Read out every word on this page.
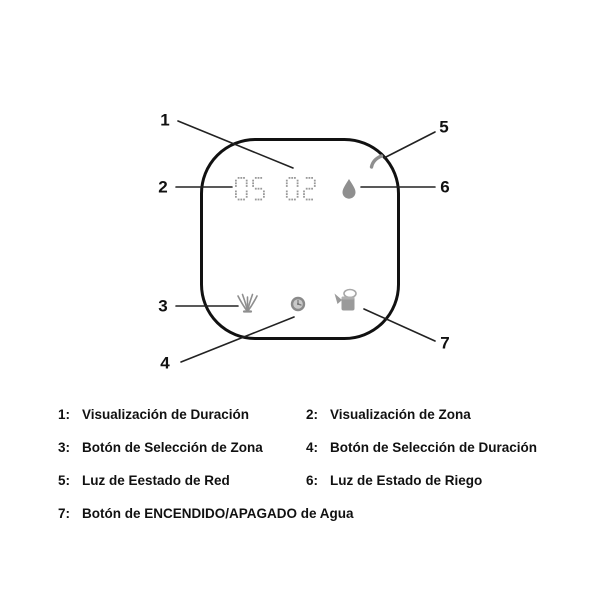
1
2
3
4
5
6
7
1: Visualización de Duración	2: Visualización de Zona
3: Botón de Selección de Zona	4: Botón de Selección de Duración
5: Luz de Eestado de Red	6: Luz de Estado de Riego
7: Botón de ENCENDIDO/APAGADO de Agua
